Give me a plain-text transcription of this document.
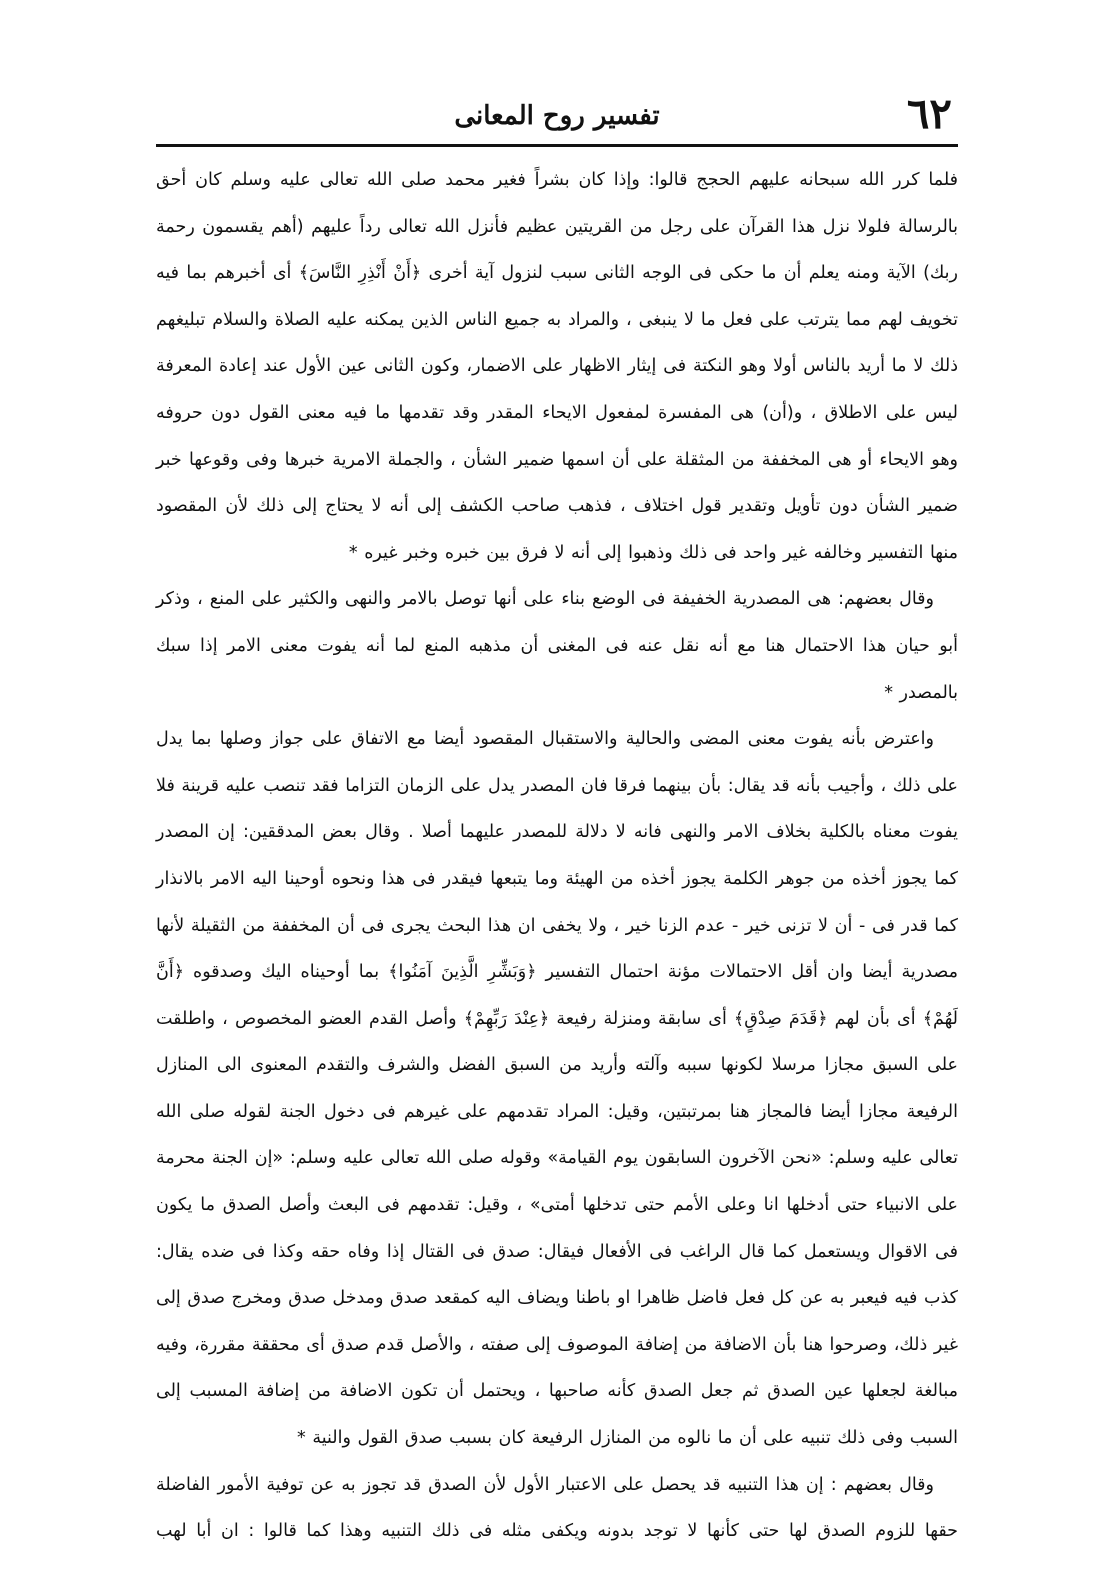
٦٢
تفسير روح المعانى

فلما كرر الله سبحانه عليهم الحجج قالوا: وإذا كان بشراً فغير محمد صلى الله تعالى عليه وسلم كان أحق بالرسالة فلولا نزل هذا القرآن على رجل من القريتين عظيم فأنزل الله تعالى رداً عليهم (أهم يقسمون رحمة ربك) الآية ومنه يعلم أن ما حكى فى الوجه الثانى سبب لنزول آية أخرى ﴿أَنْ أَنْذِرِ النَّاسَ﴾ أى أخبرهم بما فيه تخويف لهم مما يترتب على فعل ما لا ينبغى ، والمراد به جميع الناس الذين يمكنه عليه الصلاة والسلام تبليغهم ذلك لا ما أريد بالناس أولا وهو النكتة فى إيثار الاظهار على الاضمار، وكون الثانى عين الأول عند إعادة المعرفة ليس على الاطلاق ، و(أن) هى المفسرة لمفعول الايحاء المقدر وقد تقدمها ما فيه معنى القول دون حروفه وهو الايحاء أو هى المخففة من المثقلة على أن اسمها ضمير الشأن ، والجملة الامرية خبرها وفى وقوعها خبر ضمير الشأن دون تأويل وتقدير قول اختلاف ، فذهب صاحب الكشف إلى أنه لا يحتاج إلى ذلك لأن المقصود منها التفسير وخالفه غير واحد فى ذلك وذهبوا إلى أنه لا فرق بين خبره وخبر غيره *

وقال بعضهم: هى المصدرية الخفيفة فى الوضع بناء على أنها توصل بالامر والنهى والكثير على المنع ، وذكر أبو حيان هذا الاحتمال هنا مع أنه نقل عنه فى المغنى أن مذهبه المنع لما أنه يفوت معنى الامر إذا سبك بالمصدر *

واعترض بأنه يفوت معنى المضى والحالية والاستقبال المقصود أيضا مع الاتفاق على جواز وصلها بما يدل على ذلك ، وأجيب بأنه قد يقال: بأن بينهما فرقا فان المصدر يدل على الزمان التزاما فقد تنصب عليه قرينة فلا يفوت معناه بالكلية بخلاف الامر والنهى فانه لا دلالة للمصدر عليهما أصلا . وقال بعض المدققين: إن المصدر كما يجوز أخذه من جوهر الكلمة يجوز أخذه من الهيئة وما يتبعها فيقدر فى هذا ونحوه أوحينا اليه الامر بالانذار كما قدر فى - أن لا تزنى خير - عدم الزنا خير ، ولا يخفى ان هذا البحث يجرى فى أن المخففة من الثقيلة لأنها مصدرية أيضا وان أقل الاحتمالات مؤنة احتمال التفسير ﴿وَبَشِّرِ الَّذِينَ آمَنُوا﴾ بما أوحيناه اليك وصدقوه ﴿أَنَّ لَهُمْ﴾ أى بأن لهم ﴿قَدَمَ صِدْقٍ﴾ أى سابقة ومنزلة رفيعة ﴿عِنْدَ رَبِّهِمْ﴾ وأصل القدم العضو المخصوص ، واطلقت على السبق مجازا مرسلا لكونها سببه وآلته وأريد من السبق الفضل والشرف والتقدم المعنوى الى المنازل الرفيعة مجازا أيضا فالمجاز هنا بمرتبتين، وقيل: المراد تقدمهم على غيرهم فى دخول الجنة لقوله صلى الله تعالى عليه وسلم: «نحن الآخرون السابقون يوم القيامة» وقوله صلى الله تعالى عليه وسلم: «إن الجنة محرمة على الانبياء حتى أدخلها انا وعلى الأمم حتى تدخلها أمتى» ، وقيل: تقدمهم فى البعث وأصل الصدق ما يكون فى الاقوال ويستعمل كما قال الراغب فى الأفعال فيقال: صدق فى القتال إذا وفاه حقه وكذا فى ضده يقال: كذب فيه فيعبر به عن كل فعل فاضل ظاهرا او باطنا ويضاف اليه كمقعد صدق ومدخل صدق ومخرج صدق إلى غير ذلك، وصرحوا هنا بأن الاضافة من إضافة الموصوف إلى صفته ، والأصل قدم صدق أى محققة مقررة، وفيه مبالغة لجعلها عين الصدق ثم جعل الصدق كأنه صاحبها ، ويحتمل أن تكون الاضافة من إضافة المسبب إلى السبب وفى ذلك تنبيه على أن ما نالوه من المنازل الرفيعة كان بسبب صدق القول والنية *

وقال بعضهم : إن هذا التنبيه قد يحصل على الاعتبار الأول لأن الصدق قد تجوز به عن توفية الأمور الفاضلة حقها للزوم الصدق لها حتى كأنها لا توجد بدونه ويكفى مثله فى ذلك التنبيه وهذا كما قالوا : ان أبا لهب
